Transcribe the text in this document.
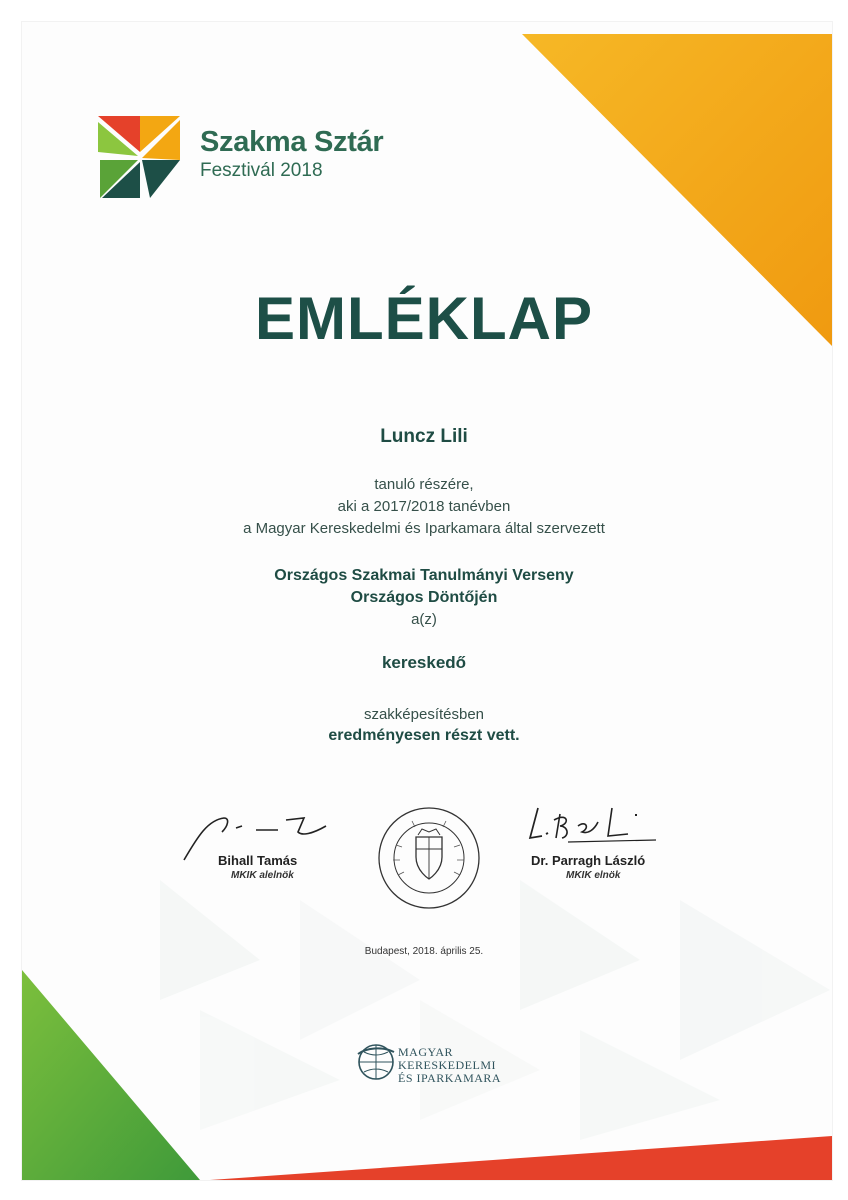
Szakma Sztár
Fesztivál 2018
EMLÉKLAP
Luncz Lili
tanuló részére,
aki a 2017/2018 tanévben
a Magyar Kereskedelmi és Iparkamara által szervezett
Országos Szakmai Tanulmányi Verseny
Országos Döntőjén
a(z)
kereskedő
szakképesítésben
eredményesen részt vett.
Bihall Tamás
MKIK alelnök
Dr. Parragh László
MKIK elnök
Budapest, 2018. április 25.
MAGYAR
KERESKEDELMI
ÉS IPARKAMARA
